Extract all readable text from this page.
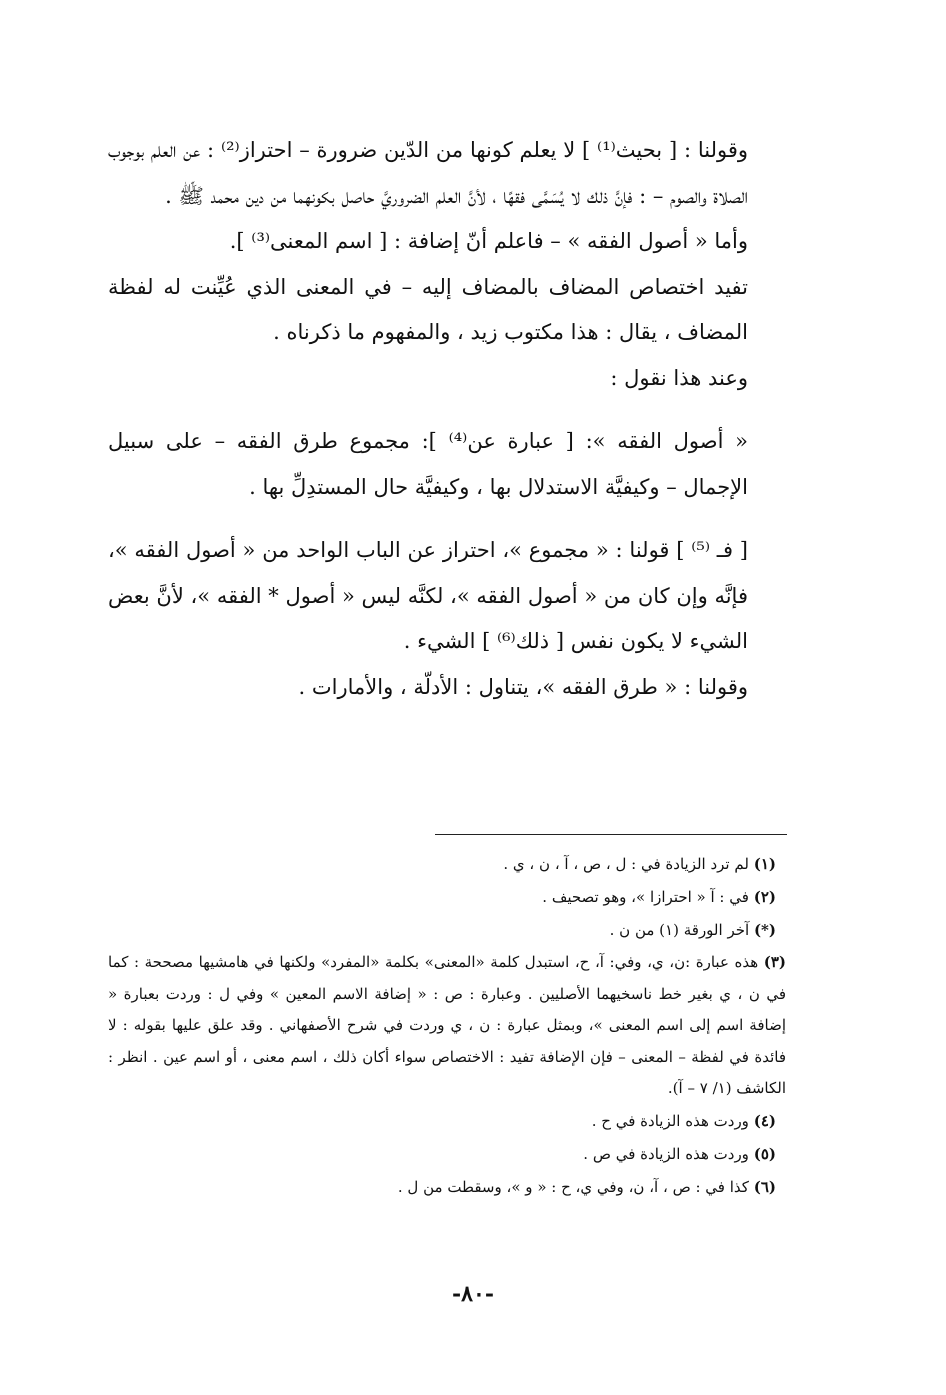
وقولنا : [ بحيث⁽¹⁾ ] لا يعلم كونها من الدّين ضرورة – احتراز⁽²⁾ : عن العلم بوجوب الصلاة والصوم – : فإنَّ ذلك لا يُسَمَّى فقهًا ، لأنَّ العلم الضروريَّ حاصل بكونهما من دين محمد ﷺ .

وأما « أصول الفقه » – فاعلم أنّ إضافة : [ اسم المعنى⁽³⁾ ].

تفيد اختصاص المضاف بالمضاف إليه – في المعنى الذي عُيِّنت له لفظة المضاف ، يقال : هذا مكتوب زيد ، والمفهوم ما ذكرناه .

وعند هذا نقول :

« أصول الفقه »: [ عبارة عن⁽⁴⁾ ]: مجموع طرق الفقه – على سبيل الإجمال – وكيفيَّة الاستدلال بها ، وكيفيَّة حال المستدِلِّ بها .

[ فـ ⁽⁵⁾ ] قولنا : « مجموع »، احتراز عن الباب الواحد من « أصول الفقه »، فإنَّه وإن كان من « أصول الفقه »، لكنَّه ليس « أصول * الفقه »، لأنَّ بعض الشيء لا يكون نفس [ ذلك⁽⁶⁾ ] الشيء .

وقولنا : « طرق الفقه »، يتناول : الأدلّة ، والأمارات .

(١) لم ترد الزيادة في : ل ، ص ، آ ، ن ، ي .

(٢) في : آ « احترازا »، وهو تصحيف .

(*) آخر الورقة (١) من ن .

(٣) هذه عبارة :ن، ي، وفي: آ، ح، استبدل كلمة «المعنى» بكلمة «المفرد» ولكنها في هامشيها مصححة : كما في ن ، ي بغير خط ناسخيهما الأصليين . وعبارة : ص : « إضافة الاسم المعين » وفي ل : وردت بعبارة « إضافة اسم إلى اسم المعنى »، وبمثل عبارة : ن ، ي وردت في شرح الأصفهاني . وقد علق عليها بقوله : لا فائدة في لفظة – المعنى – فإن الإضافة تفيد : الاختصاص سواء أكان ذلك ، اسم معنى ، أو اسم عين . انظر : الكاشف (١/ ٧ – آ).

(٤) وردت هذه الزيادة في ح .

(٥) وردت هذه الزيادة في ص .

(٦) كذا في : ص ، آ، ن، وفي ي، ح : « و »، وسقطت من ل .

-٨٠-
